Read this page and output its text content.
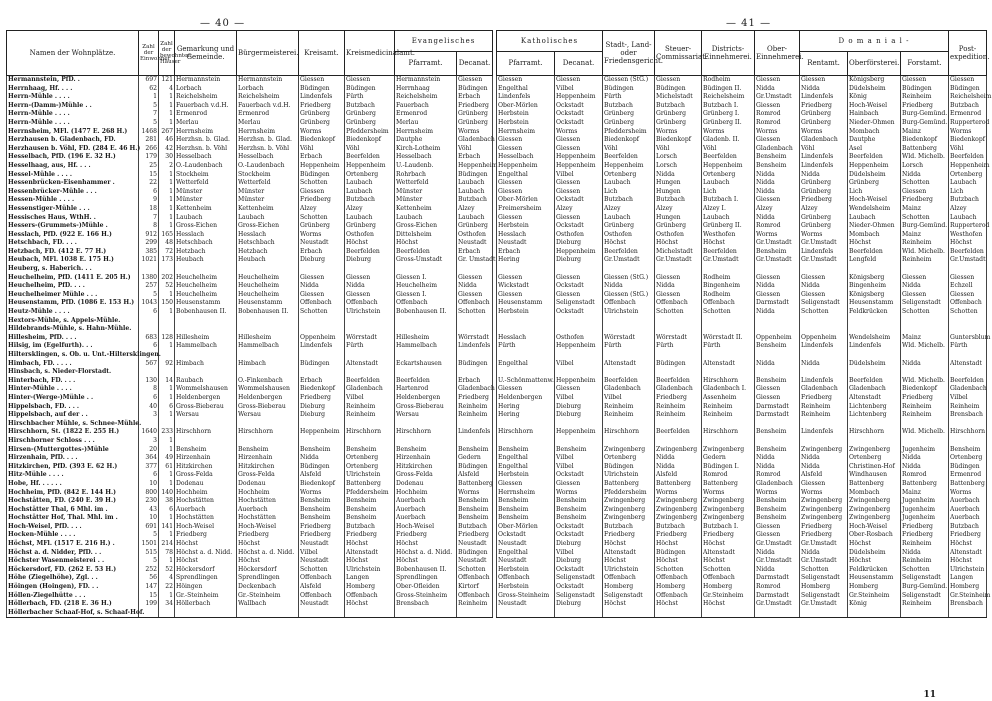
— 40 —
Namen der Wohnplätze.	Zahl der Einwohner	Zahl der bewohnten Häuser	Gemarkung und Gemeinde.	Bürgermeisterei.	Kreisamt.	Kreismedicinalamt.	Evangelisches	
							Pfarramt.	Decanat.
Hermannstein, PfD. .	697	121	Hermannstein	Hermannstein	Giessen	Giessen	Hermannstein	Giessen
Herrnhaag, Hf. . . .	62	4	Lorbach	Lorbach	Büdingen	Büdingen	Herrnhaag	Büdingen
Herrn-Mühle . . . .	1	1	Reichelsheim	Reichelsheim	Lindenfels	Fürth	Reichelsheim	Erbach
Herrn-(Damm-)Mühle . .	5	1	Fauerbach v.d.H.	Fauerbach v.d.H.	Friedberg	Butzbach	Fauerbach	Friedberg
Herrn-Mühle . . . .	7	1	Ermenrod	Ermenrod	Grünberg	Grünberg	Ermenrod	Grünberg
Herrn-Mühle . . . .	5	1	Merlau	Merlau	Grünberg	Grünberg	Merlau	Grünberg
Herrnsheim, MFl. (1477 E. 268 H.)	1468	267	Herrnsheim	Herrnsheim	Worms	Pfeddersheim	Herrnsheim	Worms
Herzhausen b. Gladenbach, FD.	281	46	Herzhsn. b. Glad.	Herzhsn. b. Glad.	Biedenkopf	Biedenkopf	Dautphe	Gladenbach
Herzhausen b. Vöhl, FD. (284 E. 46 H.)	266	42	Herzhsn. b. Vöhl	Herzhsn. b. Vöhl	Vöhl	Vöhl	Kirch-Lotheim	Vöhl
Hesselbach, PfD. (196 E. 32 H.)	179	30	Hesselbach	Hesselbach	Erbach	Beerfelden	Hesselbach	Erbach
Hesselhaag, aus, Hf. . . .	25	2	O.-Laudenbach	O.-Laudenbach	Heppenheim	Heppenheim	U.-Laudenb.	Heppenheim
Hessel-Mühle . . . .	15	1	Stockheim	Stockheim	Büdingen	Ortenberg	Rohrbach	Büdingen
Hessenbrücken-Eisenhammer .	22	1	Wetterfeld	Wetterfeld	Schotten	Laubach	Wetterfeld	Laubach
Hessenbrücker-Mühle . . .	6	1	Münster	Münster	Giessen	Laubach	Münster	Laubach
Hessen-Mühle . . . .	9	1	Münster	Münster	Friedberg	Butzbach	Münster	Butzbach
Hessenstiger-Mühle . . .	18	1	Kettenheim	Kettenheim	Alzey	Alzey	Kettenheim	Alzey
Hessisches Haus, WthH. .	7	1	Laubach	Laubach	Schotten	Laubach	Laubach	Laubach
Hessers-(Grummets-)Mühle .	8	1	Gross-Eichen	Gross-Eichen	Grünberg	Grünberg	Gross-Eichen	Grünberg
Hesslach, PfD. (922 E. 166 H.)	912	165	Hesslach	Hesslach	Worms	Osthofen	Dittelsheim	Osthofen
Hetschbach, FD. . . .	299	48	Hetschbach	Hetschbach	Neustadt	Höchst	Höchst	Neustadt
Hetzbach, FD. (412 E. 77 H.)	385	72	Hetzbach	Hetzbach	Erbach	Beerfelden	Beerfelden	Erbach
Heubach, MFl. 1038 E. 175 H.)	1021	173	Heubach	Heubach	Dieburg	Dieburg	Gross-Umstadt	Gr. Umstadt
Heuberg, s. Haberich. . .								
Heuchelheim, PfD. (1411 E. 205 H.)	1380	202	Heuchelheim	Heuchelheim	Giessen	Giessen	Giessen I.	Giessen
Heuchelheim, PfD. . . .	257	52	Heuchelheim	Heuchelheim	Nidda	Nidda	Heuchelheim	Nidda
Heuchelheimer Mühle . . .	5	1	Heuchelheim	Heuchelheim	Giessen	Giessen	Giessen I.	Giessen
Heusenstamm, PfD. (1086 E. 153 H.)	1043	150	Heusenstamm	Heusenstamm	Offenbach	Offenbach	Offenbach	Offenbach
Heutz-Mühle . . . .	6	1	Bobenhausen II.	Bobenhausen II.	Schotten	Ulrichstein	Bobenhausen II.	Schotten
Hextors-Mühle, s. Appels-Mühle.								
Hildebrands-Mühle, s. Hahn-Mühle.								
Hillesheim, PfD. . . .	683	128	Hillesheim	Hillesheim	Oppenheim	Wörrstadt	Hillesheim	Wörrstadt
Hilsig, im (Egelfurth). . .	6	1	Hammelbach	Hammelbach	Lindenfels	Fürth	Hammelbach	Lindenfels
Hiltersklingen, s. Ob. u. Unt.-Hiltersklingen.								
Himbach, FD. . . . .	567	92	Himbach	Himbach	Büdingen	Altenstadt	Eckartshausen	Büdingen
Hinsbach, s. Nieder-Florstadt.								
Hinterbach, FD. . . .	130	14	Raubach	O.-Finkenbach	Erbach	Beerfelden	Beerfelden	Erbach
Hinter-Mühle . . . .	8	1	Wommelshausen	Wommelshausen	Biedenkopf	Gladenbach	Hartenrod	Gladenbach
Hinter-(Werge-)Mühle . .	6	1	Heldenbergen	Heldenbergen	Friedberg	Vilbel	Heldenbergen	Friedberg
Hippelsbach, FD. . . .	40	6	Gross-Bieberau	Gross-Bieberau	Dieburg	Reinheim	Gross-Bieberau	Reinheim
Hippelsbach, auf der . .	3	1	Wersau	Wersau	Dieburg	Reinheim	Wersau	Reinheim
Hirschbacher Mühle, s. Schnee-Mühle.								
Hirschhorn, St. (1822 E. 255 H.)	1640	233	Hirschhorn	Hirschhorn	Heppenheim	Hirschhorn	Hirschhorn	Lindenfels
Hirschhorner Schloss . . .	3	1						
Hirsen-(Muttergottes-)Mühle	20	1	Bensheim	Bensheim	Bensheim	Bensheim	Bensheim	Bensheim
Hirzenhain, PfD. . . .	364	49	Hirzenhain	Hirzenhain	Nidda	Ortenberg	Hirzenhain	Gedern
Hitzkirchen, PfD. (393 E. 62 H.)	377	61	Hitzkirchen	Hitzkirchen	Büdingen	Ortenberg	Hitzkirchen	Büdingen
Hitz-Mühle . . . .	6	1	Gross-Felda	Gross-Felda	Alsfeld	Ulrichstein	Gross-Felda	Alsfeld
Hobe, Hf. . . . . .	10	1	Dodenau	Dodenau	Biedenkopf	Battenberg	Dodenau	Battenberg
Hochheim, PfD. (842 E. 144 H.)	800	140	Hochheim	Hochheim	Worms	Pfeddersheim	Hochheim	Worms
Hochstätten, FD. (240 E. 39 H.)	230	38	Hochstätten	Hochstätten	Bensheim	Bensheim	Auerbach	Bensheim
Hochstätter Thal, 6 Mhl. im .	43	6	Auerbach	Auerbach	Bensheim	Bensheim	Auerbach	Bensheim
Hochstätter Hof, Thal. Mhl. im .	10	1	Hochstätten	Hochstätten	Bensheim	Bensheim	Auerbach	Bensheim
Hoch-Weisel, PfD. . . .	691	141	Hoch-Weisel	Hoch-Weisel	Friedberg	Butzbach	Hoch-Weisel	Butzbach
Hocken-Mühle . . . .	5	1	Friedberg	Friedberg	Friedberg	Friedberg	Friedberg	Friedberg
Höchst, MFl. (1517 E. 216 H.) .	1501	214	Höchst	Höchst	Neustadt	Höchst	Höchst	Neustadt
Höchst a. d. Nidder, PfD. . .	515	78	Höchst a. d. Nidd.	Höchst a. d. Nidd.	Vilbel	Altenstadt	Höchst a. d. Nidd.	Büdingen
Höchster Wasenmeisterei . .	5	1	Höchst	Höchst	Neustadt	Höchst	Höchst	Neustadt
Höckersdorf, FD. (262 E. 53 H.)	252	52	Höckersdorf	Höckersdorf	Schotten	Ulrichstein	Bobenhausen II.	Schotten
Höhe (Ziegelhöhe), Zgl. . .	56	4	Sprendlingen	Sprendlingen	Offenbach	Langen	Sprendlingen	Offenbach
Höingen (Hoingen), FD. . .	147	22	Höingen	Deckenbach	Alsfeld	Homberg	Ober-Ofleiden	Kirtorf
Höllen-Ziegelhütte . . .	15	1	Gr.-Steinheim	Gr.-Steinheim	Offenbach	Offenbach	Gross-Steinheim	Offenbach
Höllerbach, FD. (218 E. 36 H.)	199	34	Höllerbach	Wallbach	Neustadt	Höchst	Brensbach	Reinheim
Höllerbacher Schaaf-Hof, s. Schaaf-Hof.								
— 41 —
Katholisches		Stadt-, Land- oder Friedensgericht.	Steuer-Commissariat.	Districts-Einnehmerei.	Ober-Einnehmerei.	D o m a n i a l -			Post-expedition.
Pfarramt.	Decanat.					Rentamt.	Oberförsterei.	Forstamt.	
Giessen	Giessen	Giessen (StG.)	Giessen	Rodheim	Giessen	Giessen	Königsberg	Giessen	Giessen
Engelthal	Vilbel	Büdingen	Büdingen	Büdingen II.	Nidda	Nidda	Düdelsheim	Büdingen	Büdingen
Lindenfels	Heppenheim	Fürth	Michelstadt	Reichelsheim	Gr.Umstadt	Lindenfels	König	Reinheim	Reichelsheim
Ober-Mörlen	Ockstadt	Butzbach	Butzbach	Butzbach I.	Giessen	Friedberg	Hoch-Weisel	Friedberg	Butzbach
Herbstein	Ockstadt	Grünberg	Grünberg	Grünberg I.	Romrod	Grünberg	Hainbach	Burg-Gemünd.	Ermenrod
Herbstein	Ockstadt	Grünberg	Grünberg	Grünberg II.	Romrod	Grünberg	Nieder-Ohmen	Burg-Gemünd.	Rupperterod
Herrnsheim	Worms	Pfeddersheim	Worms	Worms	Worms	Worms	Mombach	Mainz	Worms
Giessen	Giessen	Biedenkopf	Biedenkopf	Gladenb. II.	Giessen	Gladenbach	Dautphe	Biedenkopf	Biedenkopf
Giessen	Giessen	Vöhl	Vöhl	Vöhl	Gladenbach	Vöhl	Asel	Battenberg	Vöhl
Hesselbach	Heppenheim	Beerfelden	Lorsch	Beerfelden	Bensheim	Lindenfels	Beerfelden	Wld. Michelb.	Beerfelden
Heppenheim	Heppenheim	Heppenheim	Lorsch	Heppenheim	Bensheim	Lindenfels	Heppenheim	Lorsch	Heppenheim
Engelthal	Vilbel	Ortenberg	Nidda	Ortenberg	Nidda	Nidda	Düdelsheim	Nidda	Ortenberg
Giessen	Giessen	Laubach	Hungen	Laubach	Nidda	Grünberg	Grünberg	Schotten	Laubach
Giessen	Giessen	Lich	Hungen	Lich	Nidda	Grünberg	Lich	Giessen	Lich
Ober-Mörlen	Ockstadt	Butzbach	Butzbach	Butzbach I.	Giessen	Friedberg	Hoch-Weisel	Friedberg	Butzbach
Freimersheim	Alzey	Alzey	Alzey	Alzey I.	Alzey	Alzey	Wendelsheim	Mainz	Alzey
Giessen	Giessen	Laubach	Hungen	Laubach	Nidda	Grünberg	Laubach	Schotten	Laubach
Herbstein	Ockstadt	Grünberg	Grünberg	Grünberg II.	Romrod	Grünberg	Nieder-Ohmen	Burg-Gemünd.	Rupperterod
Hesslach	Osthofen	Osthofen	Osthofen	Westhofen	Worms	Worms	Mombach	Mainz	Westhofen
Neustadt	Dieburg	Höchst	Höchst	Höchst	Gr.Umstadt	Gr.Umstadt	Höchst	Reinheim	Höchst
Erbach	Heppenheim	Beerfelden	Michelstadt	Beerfelden	Bensheim	Lindenfels	Beerfelden	Wld. Michelb.	Beerfelden
Hering	Dieburg	Gr.Umstadt	Gr.Umstadt	Gr.Umstadt	Gr.Umstadt	Gr.Umstadt	Lengfeld	Reinheim	Gr.Umstadt

Giessen	Giessen	Giessen (StG.)	Giessen	Rodheim	Giessen	Giessen	Königsberg	Giessen	Giessen
Wickstadt	Ockstadt	Nidda	Nidda	Bingenheim	Nidda	Nidda	Bingenheim	Nidda	Echzell
Giessen	Giessen	Giessen (StG.)	Giessen	Rodheim	Giessen	Giessen	Königsberg	Giessen	Giessen
Heusenstamm	Seligenstadt	Offenbach	Offenbach	Offenbach	Darmstadt	Seligenstadt	Heusenstamm	Seligenstadt	Offenbach
Herbstein	Ockstadt	Ulrichstein	Schotten	Schotten	Nidda	Schotten	Feldkrücken	Schotten	Schotten

Hesslach	Osthofen	Wörrstadt	Wörrstadt	Wörrstadt II.	Oppenheim	Oppenheim	Wendelsheim	Mainz	Guntersblum
Fürth	Heppenheim	Fürth	Fürth	Fürth	Bensheim	Lindenfels	Lindenfels	Wld. Michelb.	Fürth

Engelthal	Vilbel	Altenstadt	Büdingen	Altenstadt	Nidda	Nidda	Düdelsheim	Nidda	Altenstadt

U.-Schönmattenw.	Heppenheim	Beerfelden	Beerfelden	Hirschhorn	Bensheim	Lindenfels	Beerfelden	Wld. Michelb.	Beerfelden
Giessen	Giessen	Gladenbach	Gladenbach	Gladenbach I.	Giessen	Gladenbach	Gladenbach	Biedenkopf	Gladenbach
Heldenbergen	Vilbel	Vilbel	Friedberg	Assenheim	Giessen	Friedberg	Altenstadt	Friedberg	Vilbel
Hering	Dieburg	Reinheim	Reinheim	Reinheim	Darmstadt	Reinheim	Lichtenberg	Reinheim	Reinheim
Hering	Dieburg	Reinheim	Reinheim	Reinheim	Darmstadt	Reinheim	Lichtenberg	Reinheim	Brensbach

Hirschhorn	Heppenheim	Hirschhorn	Beerfelden	Hirschhorn	Bensheim	Lindenfels	Hirschhorn	Wld. Michelb.	Hirschhorn

Bensheim	Bensheim	Zwingenberg	Zwingenberg	Zwingenberg	Bensheim	Zwingenberg	Zwingenberg	Jugenheim	Bensheim
Engelthal	Vilbel	Ortenberg	Nidda	Gedern	Nidda	Nidda	Ortenberg	Nidda	Ortenberg
Engelthal	Vilbel	Büdingen	Nidda	Büdingen I.	Nidda	Nidda	Christinen-Hof	Nidda	Büdingen
Herbstein	Ockstadt	Ulrichstein	Alsfeld	Romrod	Romrod	Alsfeld	Windhausen	Romrod	Ermenrod
Giessen	Giessen	Battenberg	Battenberg	Battenberg	Gladenbach	Giessen	Battenberg	Battenberg	Battenberg
Herrnsheim	Worms	Pfeddersheim	Worms	Worms	Worms	Worms	Mombach	Mainz	Worms
Bensheim	Bensheim	Zwingenberg	Zwingenberg	Zwingenberg	Bensheim	Zwingenberg	Zwingenberg	Jugenheim	Auerbach
Bensheim	Bensheim	Zwingenberg	Zwingenberg	Zwingenberg	Bensheim	Zwingenberg	Zwingenberg	Jugenheim	Auerbach
Bensheim	Bensheim	Zwingenberg	Zwingenberg	Zwingenberg	Bensheim	Zwingenberg	Zwingenberg	Jugenheim	Auerbach
Ober-Mörlen	Ockstadt	Butzbach	Butzbach	Butzbach I.	Giessen	Friedberg	Hoch-Weisel	Friedberg	Butzbach
Ockstadt	Ockstadt	Friedberg	Friedberg	Friedberg	Giessen	Friedberg	Ober-Rosbach	Friedberg	Friedberg
Neustadt	Dieburg	Höchst	Höchst	Höchst	Gr.Umstadt	Gr.Umstadt	Höchst	Reinheim	Höchst
Engelthal	Vilbel	Altenstadt	Büdingen	Altenstadt	Nidda	Nidda	Düdelsheim	Nidda	Altenstadt
Neustadt	Dieburg	Höchst	Höchst	Höchst	Gr.Umstadt	Gr.Umstadt	Höchst	Reinheim	Höchst
Herbstein	Ockstadt	Ulrichstein	Schotten	Schotten	Nidda	Schotten	Feldkrücken	Schotten	Ulrichstein
Offenbach	Seligenstadt	Offenbach	Offenbach	Offenbach	Darmstadt	Seligenstadt	Heusenstamm	Seligenstadt	Langen
Herbstein	Ockstadt	Homberg	Homberg	Homberg	Romrod	Homberg	Homberg	Burg-Gemünd.	Homberg
Gross-Steinheim	Seligenstadt	Seligenstadt	Offenbach	Gr.Steinheim	Darmstadt	Seligenstadt	Gr.Steinheim	Seligenstadt	Gr.Steinheim
Neustadt	Dieburg	Höchst	Höchst	Höchst	Gr.Umstadt	Gr.Umstadt	König	Reinheim	Brensbach

11
